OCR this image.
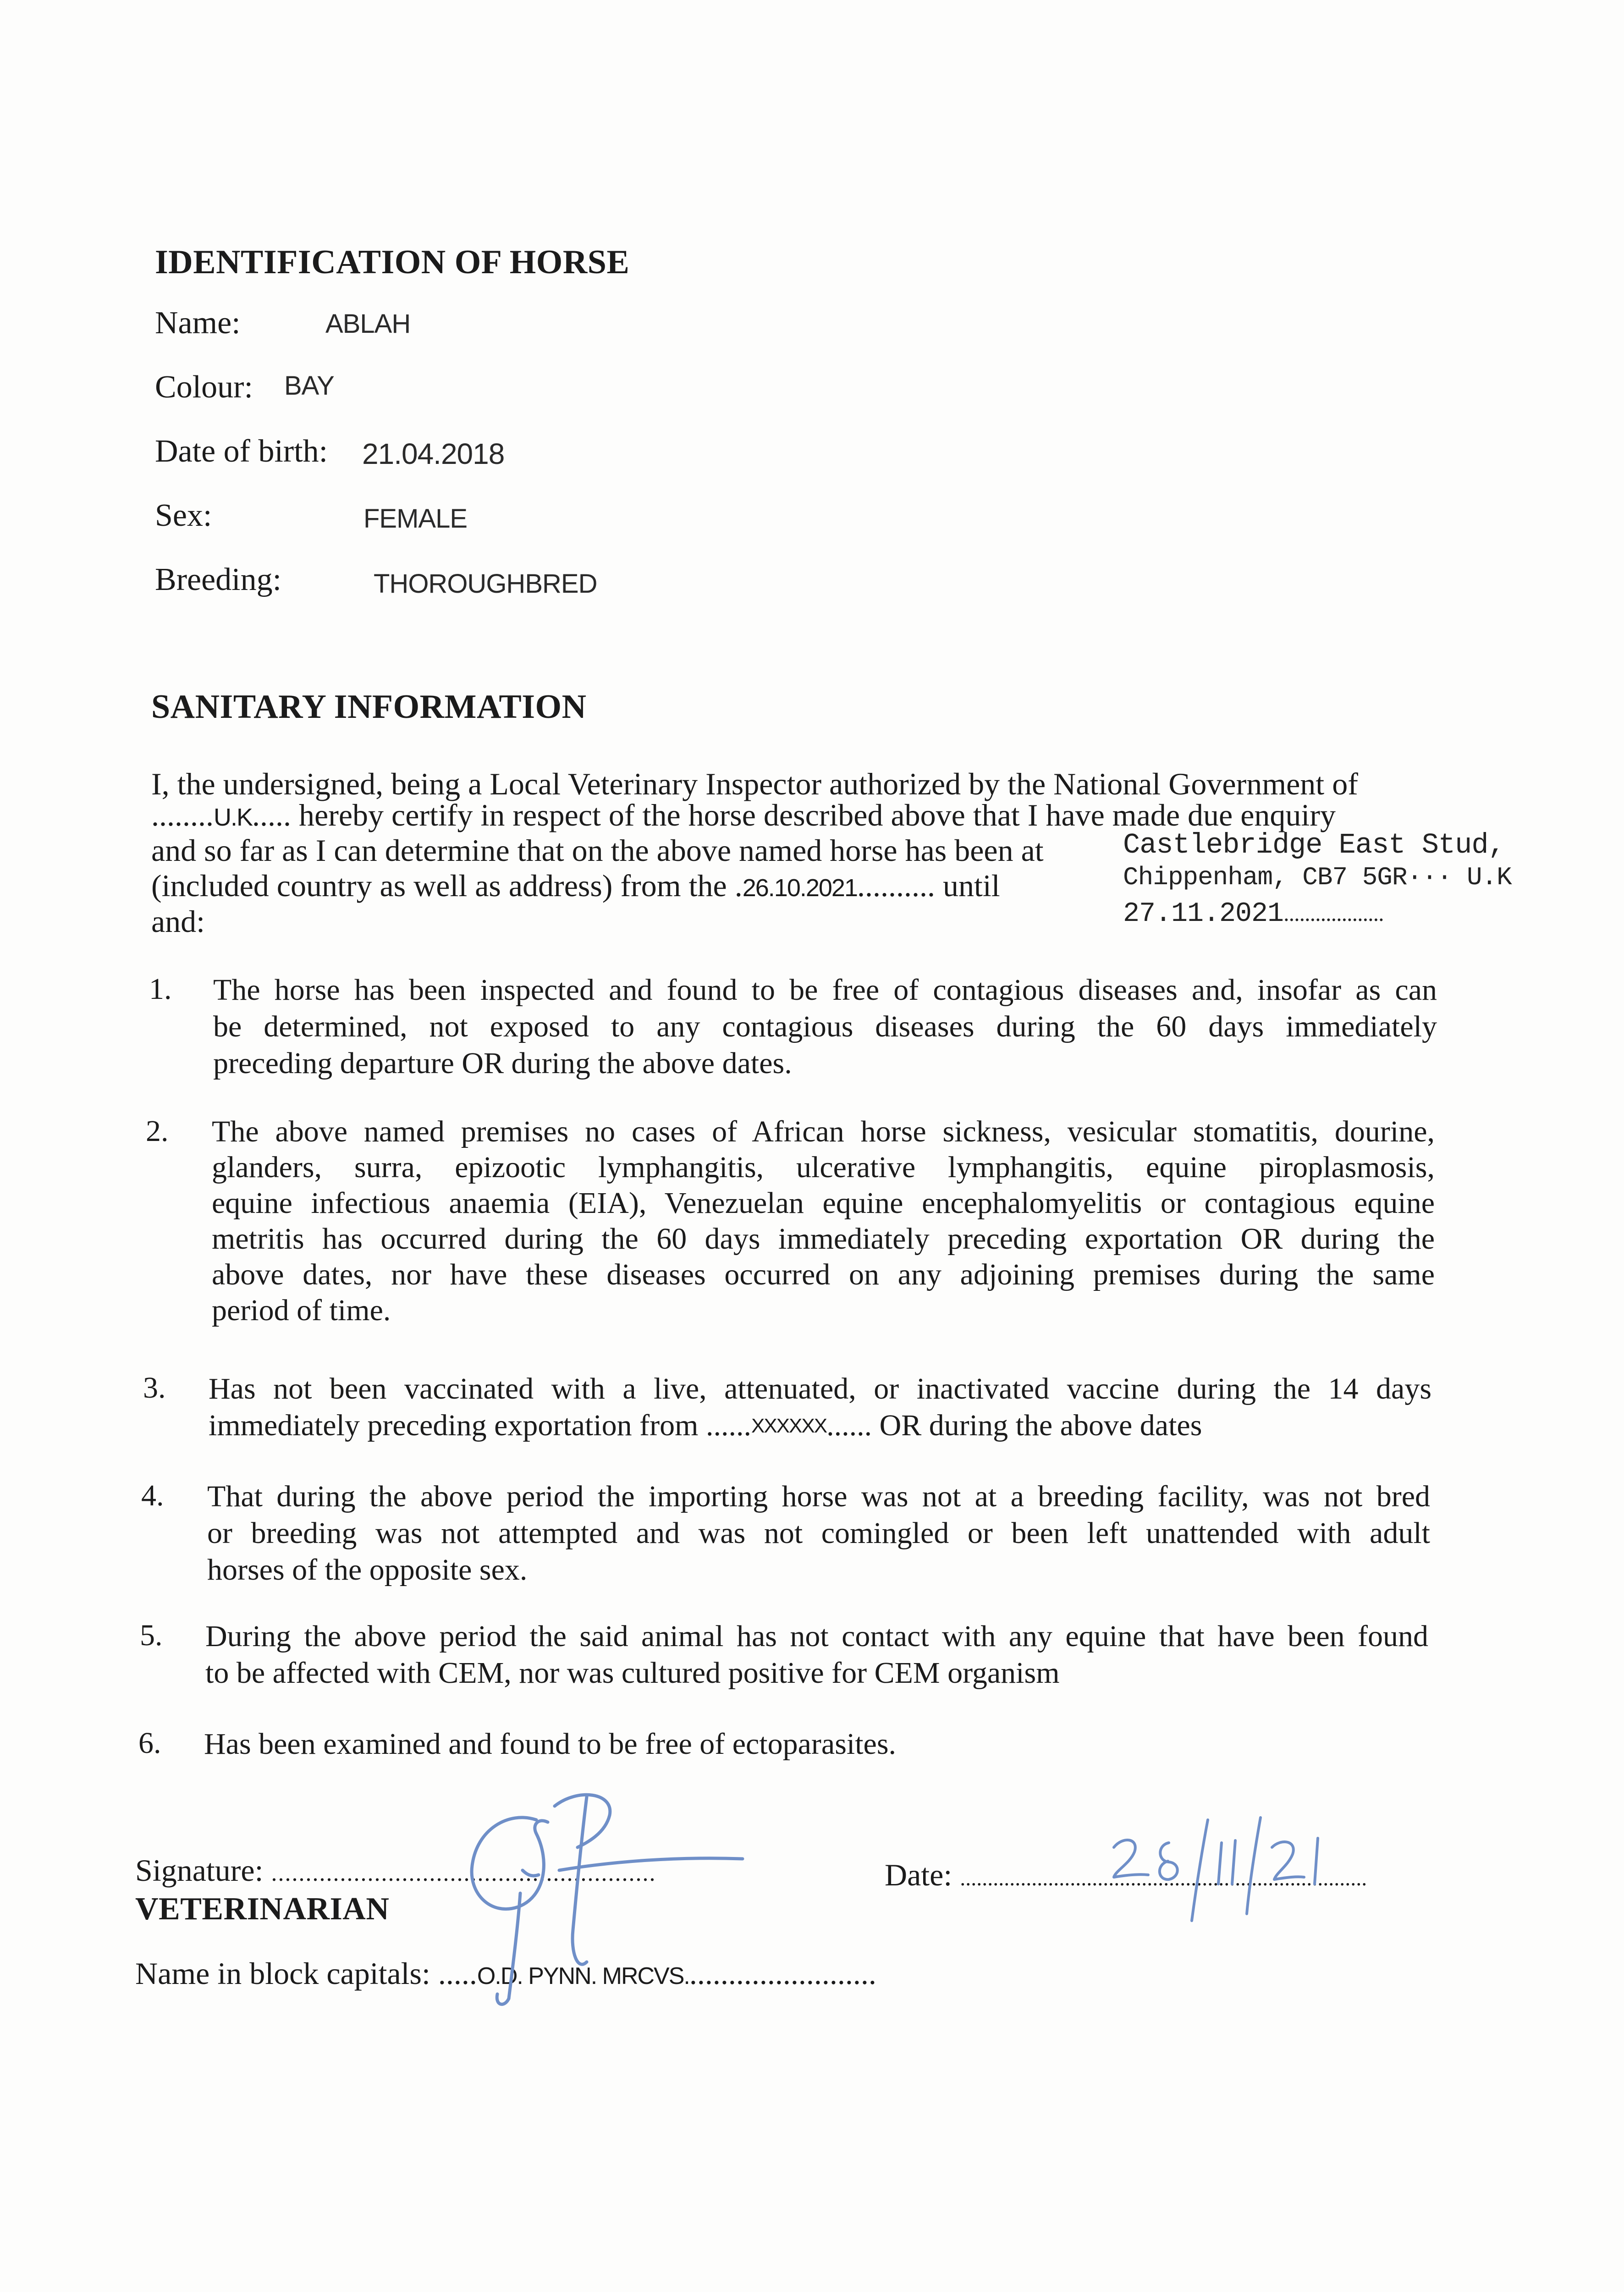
IDENTIFICATION OF HORSE
Name:	ABLAH
Colour: BAY
Date of birth: 21.04.2018
Sex:	FEMALE
Breeding:	THOROUGHBRED
SANITARY INFORMATION
I, the undersigned, being a Local Veterinary Inspector authorized by the National Government of
........U.K..... hereby certify in respect of the horse described above that I have made due enquiry
and so far as I can determine that on the above named horse has been at	Castlebridge East Stud,
Chippenham, CB7 5GR··· U.K
(included country as well as address) from the .26.10.2021.......... until
and:	27.11.2021...................
1. The horse has been inspected and found to be free of contagious diseases and, insofar as can
be determined, not exposed to any contagious diseases during the 60 days immediately
preceding departure OR during the above dates.
2. The above named premises no cases of African horse sickness, vesicular stomatitis, dourine,
glanders, surra, epizootic lymphangitis, ulcerative lymphangitis, equine piroplasmosis,
equine infectious anaemia (EIA), Venezuelan equine encephalomyelitis or contagious equine
metritis has occurred during the 60 days immediately preceding exportation OR during the
above dates, nor have these diseases occurred on any adjoining premises during the same
period of time.
3. Has not been vaccinated with a live, attenuated, or inactivated vaccine during the 14 days
immediately preceding exportation from ......XXXXXX...... OR during the above dates
4. That during the above period the importing horse was not at a breeding facility, was not bred
or breeding was not attempted and was not comingled or been left unattended with adult
horses of the opposite sex.
5. During the above period the said animal has not contact with any equine that have been found
to be affected with CEM, nor was cultured positive for CEM organism
6. Has been examined and found to be free of ectoparasites.
Signature: ........................................................
VETERINARIAN
Date: ..........................................................................
Name in block capitals: .....O.D. PYNN. MRCVS.........................
